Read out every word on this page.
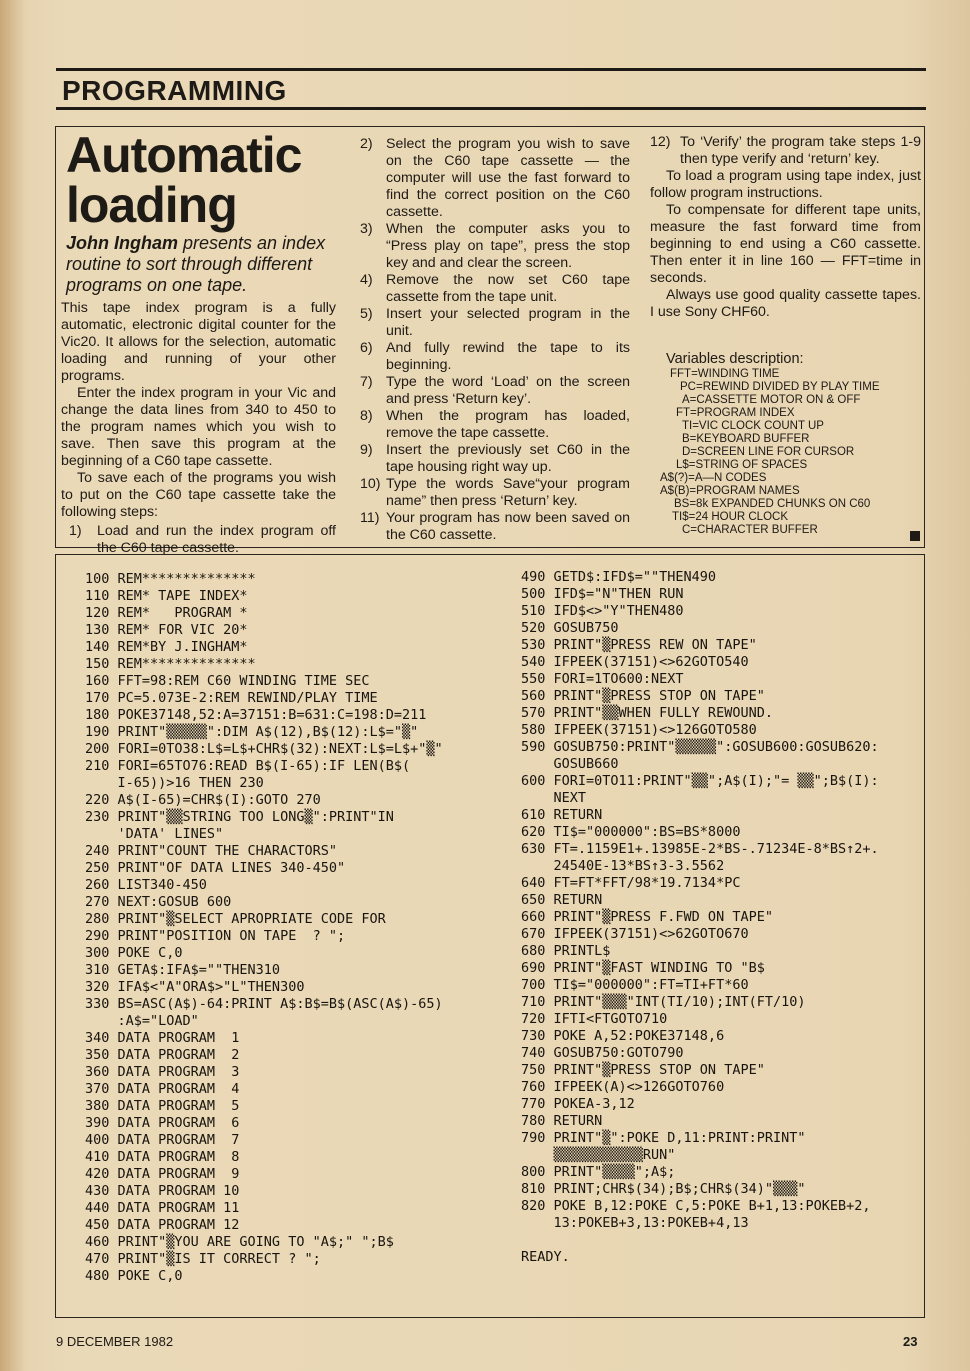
PROGRAMMING
Automatic
loading
John Ingham presents an index routine to sort through different programs on one tape.

This tape index program is a fully automatic, electronic digital counter for the Vic20. It allows for the selection, automatic loading and running of your other programs.

Enter the index program in your Vic and change the data lines from 340 to 450 to the program names which you wish to save. Then save this program at the beginning of a C60 tape cassette.

To save each of the programs you wish to put on the C60 tape cassette take the following steps:

1) Load and run the index program off the C60 tape cassette.
2) Select the program you wish to save on the C60 tape cassette — the computer will use the fast forward to find the correct position on the C60 cassette.
3) When the computer asks you to “Press play on tape”, press the stop key and and clear the screen.
4) Remove the now set C60 tape cassette from the tape unit.
5) Insert your selected program in the unit.
6) And fully rewind the tape to its beginning.
7) Type the word ‘Load’ on the screen and press ‘Return key’.
8) When the program has loaded, remove the tape cassette.
9) Insert the previously set C60 in the tape housing right way up.
10) Type the words Save“your program name” then press ‘Return’ key.
11) Your program has now been saved on the C60 cassette.
12) To ‘Verify’ the program take steps 1-9 then type verify and ‘return’ key.

To load a program using tape index, just follow program instructions.

To compensate for different tape units, measure the fast forward time from beginning to end using a C60 cassette. Then enter it in line 160 — FFT=time in seconds.

Always use good quality cassette tapes. I use Sony CHF60.

Variables description:
FFT=WINDING TIME
PC=REWIND DIVIDED BY PLAY TIME
A=CASSETTE MOTOR ON & OFF
FT=PROGRAM INDEX
TI=VIC CLOCK COUNT UP
B=KEYBOARD BUFFER
D=SCREEN LINE FOR CURSOR
L$=STRING OF SPACES
A$(?)=A—N CODES
A$(B)=PROGRAM NAMES
BS=8k EXPANDED CHUNKS ON C60
TI$=24 HOUR CLOCK
C=CHARACTER BUFFER
100 REM**************
110 REM* TAPE INDEX*
120 REM*   PROGRAM *
130 REM* FOR VIC 20*
140 REM*BY J.INGHAM*
150 REM**************
160 FFT=98:REM C60 WINDING TIME SEC
170 PC=5.073E-2:REM REWIND/PLAY TIME
180 POKE37148,52:A=37151:B=631:C=198:D=211
190 PRINT"▒▒▒▒▒":DIM A$(12),B$(12):L$="▒"
200 FORI=0TO38:L$=L$+CHR$(32):NEXT:L$=L$+"▒"
210 FORI=65TO76:READ B$(I-65):IF LEN(B$(
I-65))>16 THEN 230
220 A$(I-65)=CHR$(I):GOTO 270
230 PRINT"▒▒STRING TOO LONG▒":PRINT"IN
'DATA' LINES"
240 PRINT"COUNT THE CHARACTORS"
250 PRINT"OF DATA LINES 340-450"
260 LIST340-450
270 NEXT:GOSUB 600
280 PRINT"▒SELECT APROPRIATE CODE FOR
290 PRINT"POSITION ON TAPE  ? ";
300 POKE C,0
310 GETA$:IFA$=""THEN310
320 IFA$<"A"ORA$>"L"THEN300
330 BS=ASC(A$)-64:PRINT A$:B$=B$(ASC(A$)-65)
:A$="LOAD"
340 DATA PROGRAM  1
350 DATA PROGRAM  2
360 DATA PROGRAM  3
370 DATA PROGRAM  4
380 DATA PROGRAM  5
390 DATA PROGRAM  6
400 DATA PROGRAM  7
410 DATA PROGRAM  8
420 DATA PROGRAM  9
430 DATA PROGRAM 10
440 DATA PROGRAM 11
450 DATA PROGRAM 12
460 PRINT"▒YOU ARE GOING TO "A$;" ";B$
470 PRINT"▒IS IT CORRECT ? ";
480 POKE C,0
490 GETD$:IFD$=""THEN490
500 IFD$="N"THEN RUN
510 IFD$<>"Y"THEN480
520 GOSUB750
530 PRINT"▒PRESS REW ON TAPE"
540 IFPEEK(37151)<>62GOTO540
550 FORI=1TO600:NEXT
560 PRINT"▒PRESS STOP ON TAPE"
570 PRINT"▒▒WHEN FULLY REWOUND.
580 IFPEEK(37151)<>126GOTO580
590 GOSUB750:PRINT"▒▒▒▒▒":GOSUB600:GOSUB620:
GOSUB660
600 FORI=0TO11:PRINT"▒▒";A$(I);"= ▒▒";B$(I):
NEXT
610 RETURN
620 TI$="000000":BS=BS*8000
630 FT=.1159E1+.13985E-2*BS-.71234E-8*BS↑2+.
24540E-13*BS↑3-3.5562
640 FT=FT*FFT/98*19.7134*PC
650 RETURN
660 PRINT"▒PRESS F.FWD ON TAPE"
670 IFPEEK(37151)<>62GOTO670
680 PRINTL$
690 PRINT"▒FAST WINDING TO "B$
700 TI$="000000":FT=TI+FT*60
710 PRINT"▒▒▒"INT(TI/10);INT(FT/10)
720 IFTI<FTGOTO710
730 POKE A,52:POKE37148,6
740 GOSUB750:GOTO790
750 PRINT"▒PRESS STOP ON TAPE"
760 IFPEEK(A)<>126GOTO760
770 POKEA-3,12
780 RETURN
790 PRINT"▒":POKE D,11:PRINT:PRINT"
▒▒▒▒▒▒▒▒▒▒▒RUN"
800 PRINT"▒▒▒▒";A$;
810 PRINT;CHR$(34);B$;CHR$(34)"▒▒▒"
820 POKE B,12:POKE C,5:POKE B+1,13:POKEB+2,
13:POKEB+3,13:POKEB+4,13

READY.
9 DECEMBER 1982	23
